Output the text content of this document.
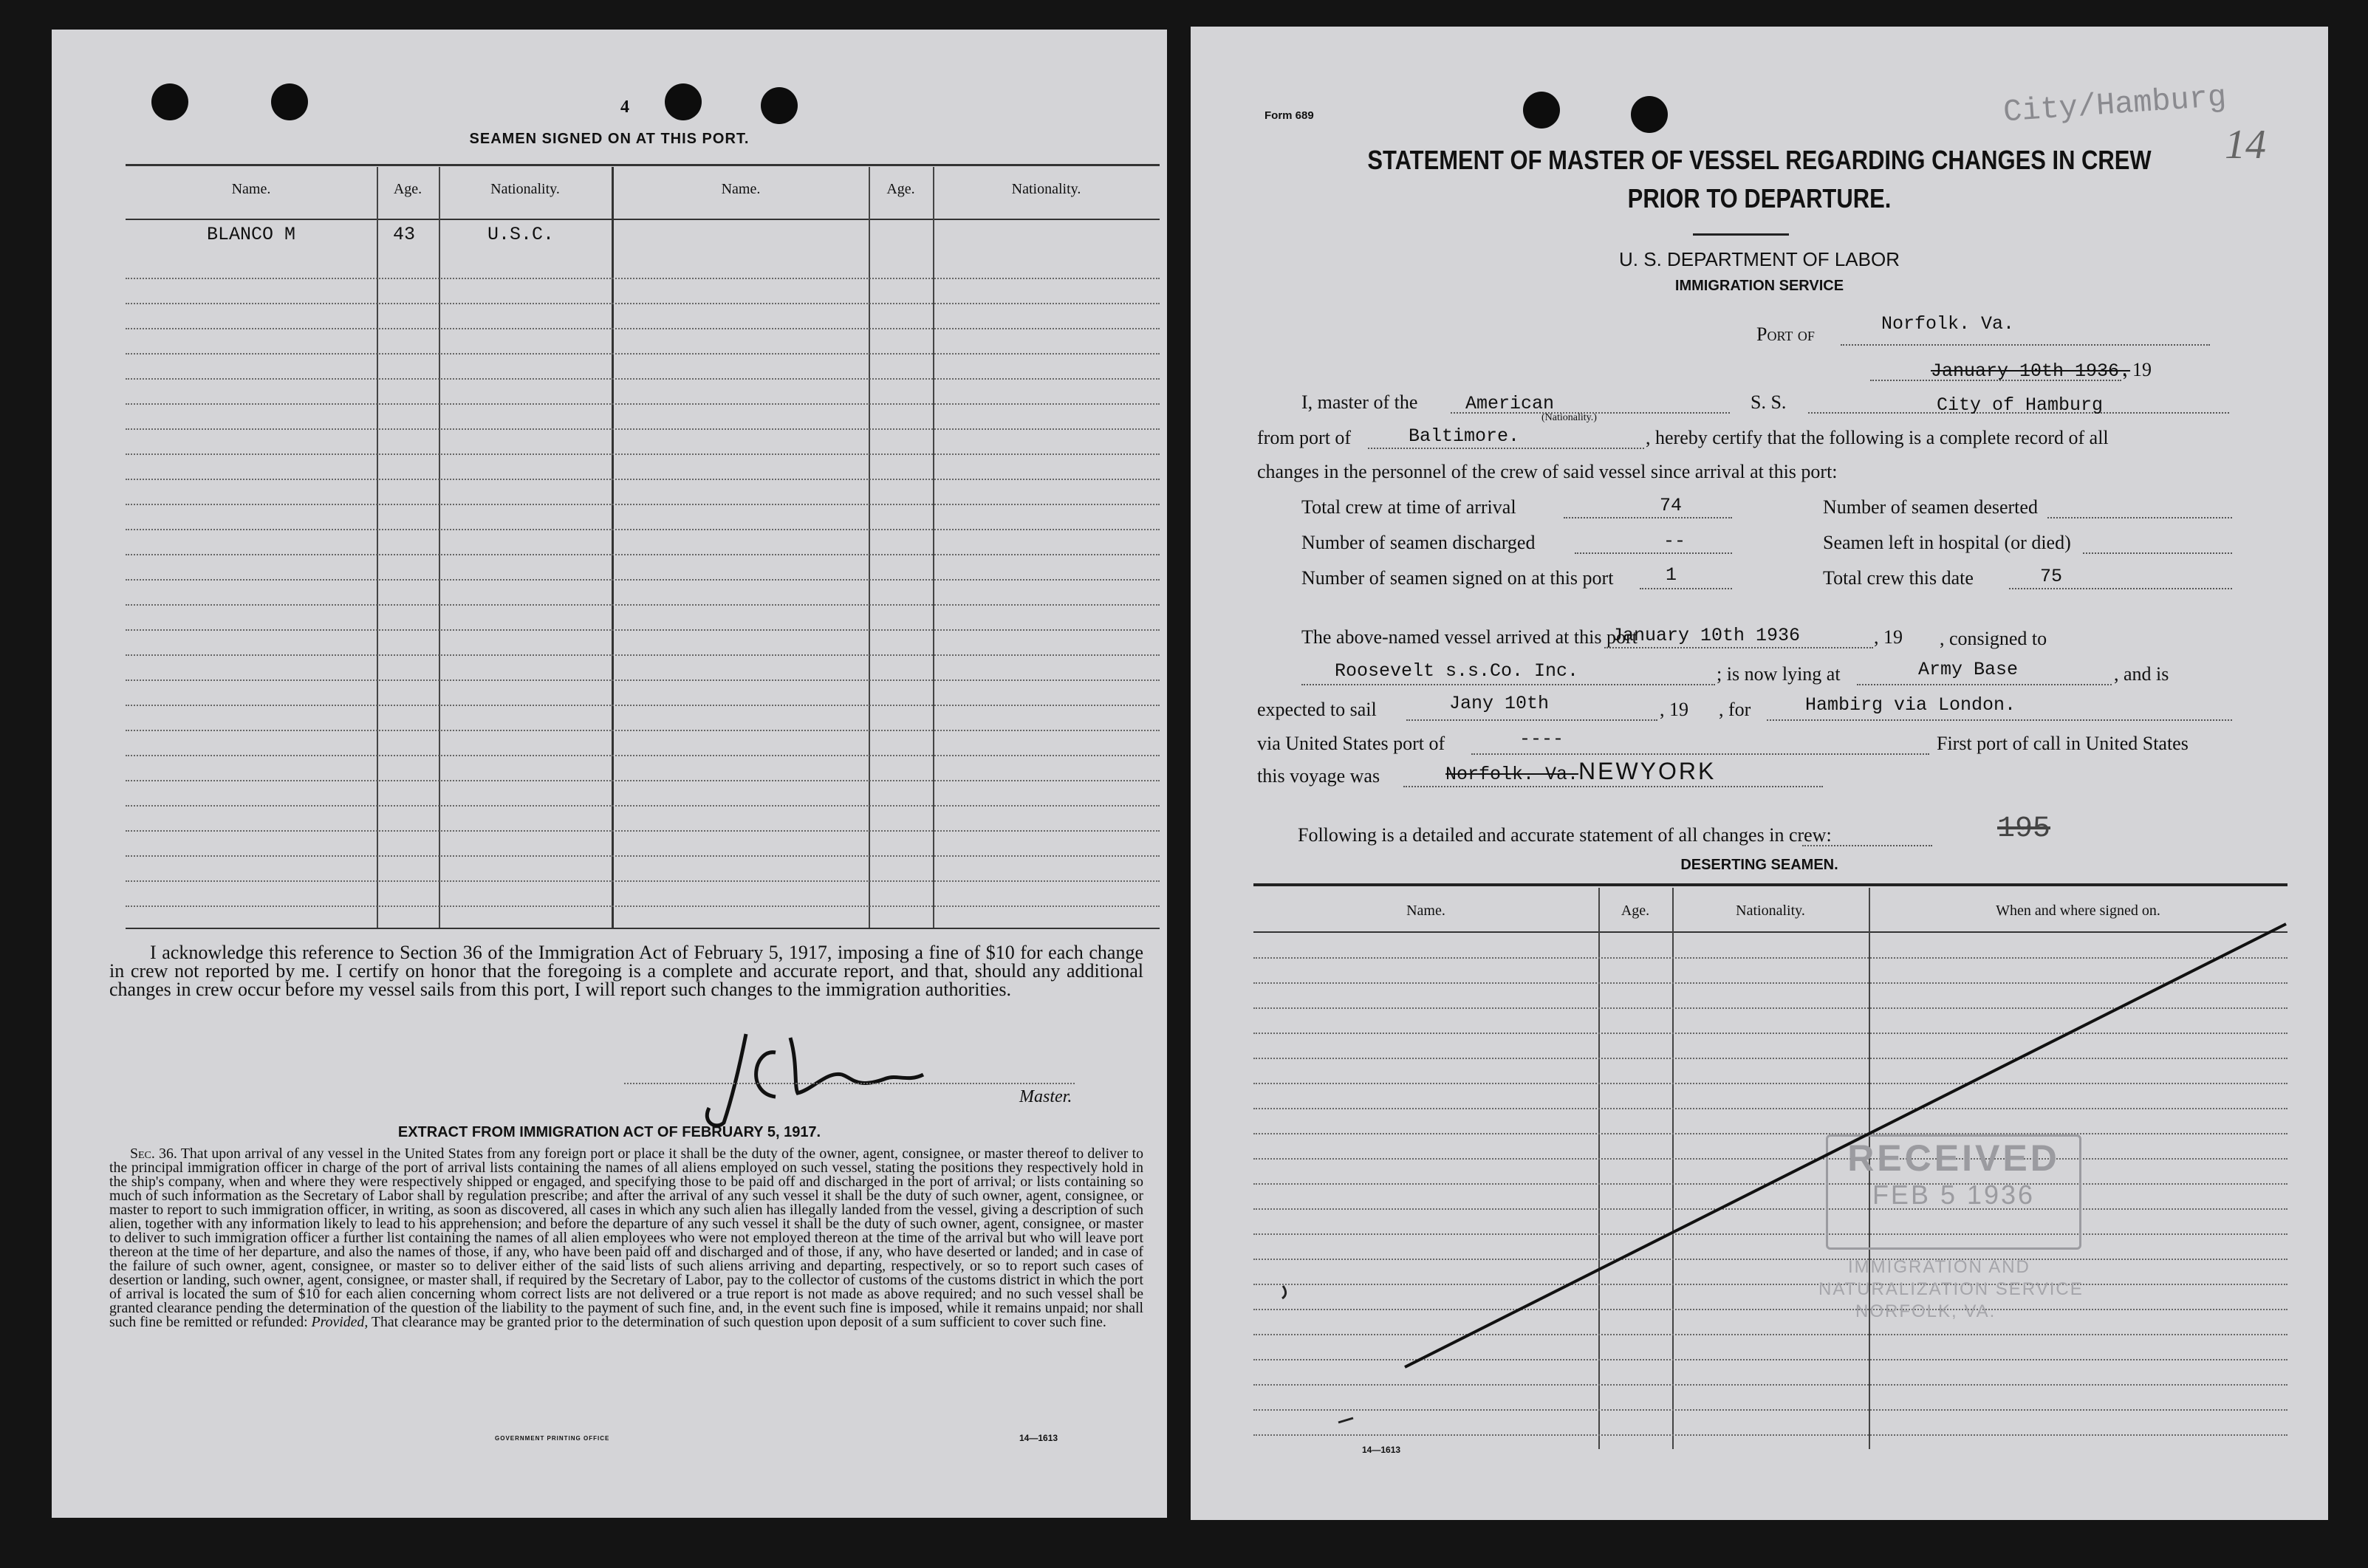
4
SEAMEN SIGNED ON AT THIS PORT.
Name.	Age.	Nationality.	Name.	Age.	Nationality.
BLANCO M	43	U.S.C.
I acknowledge this reference to Section 36 of the Immigration Act of February 5, 1917, imposing a fine of $10 for each change in crew not reported by me. I certify on honor that the foregoing is a complete and accurate report, and that, should any additional changes in crew occur before my vessel sails from this port, I will report such changes to the immigration authorities.
J C Lee
Master.
EXTRACT FROM IMMIGRATION ACT OF FEBRUARY 5, 1917.
Sec. 36. That upon arrival of any vessel in the United States from any foreign port or place it shall be the duty of the owner, agent, consignee, or master thereof to deliver to the principal immigration officer in charge of the port of arrival lists containing the names of all aliens employed on such vessel, stating the positions they respectively hold in the ship's company, when and where they were respectively shipped or engaged, and specifying those to be paid off and discharged in the port of arrival; or lists containing so much of such information as the Secretary of Labor shall by regulation prescribe; and after the arrival of any such vessel it shall be the duty of such owner, agent, consignee, or master to report to such immigration officer, in writing, as soon as discovered, all cases in which any such alien has illegally landed from the vessel, giving a description of such alien, together with any information likely to lead to his apprehension; and before the departure of any such vessel it shall be the duty of such owner, agent, consignee, or master to deliver to such immigration officer a further list containing the names of all alien employees who were not employed thereon at the time of the arrival but who will leave port thereon at the time of her departure, and also the names of those, if any, who have been paid off and discharged and of those, if any, who have deserted or landed; and in case of the failure of such owner, agent, consignee, or master so to deliver either of the said lists of such aliens arriving and departing, respectively, or so to report such cases of desertion or landing, such owner, agent, consignee, or master shall, if required by the Secretary of Labor, pay to the collector of customs of the customs district in which the port of arrival is located the sum of $10 for each alien concerning whom correct lists are not delivered or a true report is not made as above required; and no such vessel shall be granted clearance pending the determination of the question of the liability to the payment of such fine, and, in the event such fine is imposed, while it remains unpaid; nor shall such fine be remitted or refunded: Provided, That clearance may be granted prior to the determination of such question upon deposit of a sum sufficient to cover such fine.
GOVERNMENT PRINTING OFFICE	14—1613
Form 689	City/Hamburg
14
STATEMENT OF MASTER OF VESSEL REGARDING CHANGES IN CREW
PRIOR TO DEPARTURE.
U. S. DEPARTMENT OF LABOR
IMMIGRATION SERVICE
Port of	Norfolk. Va.
January 10th 1936.
, 19
I, master of the	American
(Nationality.)
S. S.	City of Hamburg
from port of	Baltimore.	, hereby certify that the following is a complete record of all
changes in the personnel of the crew of said vessel since arrival at this port:
Total crew at time of arrival	74	Number of seamen deserted
Number of seamen discharged	--	Seamen left in hospital (or died)
Number of seamen signed on at this port	1	Total crew this date	75
The above-named vessel arrived at this port
January 10th 1936	, 19 , consigned to
Roosevelt s.s.Co. Inc.	; is now lying at	Army Base	, and is
expected to sail	Jany 10th	, 19 , for	Hambirg via London.
via United States port of	----	First port of call in United States
this voyage was	Norfolk. Va. NEWYORK
Following is a detailed and accurate statement of all changes in crew:	195
DESERTING SEAMEN.
Name.	Age.	Nationality.	When and where signed on.
RECEIVED
FEB 5 1936
IMMIGRATION AND
NATURALIZATION SERVICE
NORFOLK, VA.
14—1613
